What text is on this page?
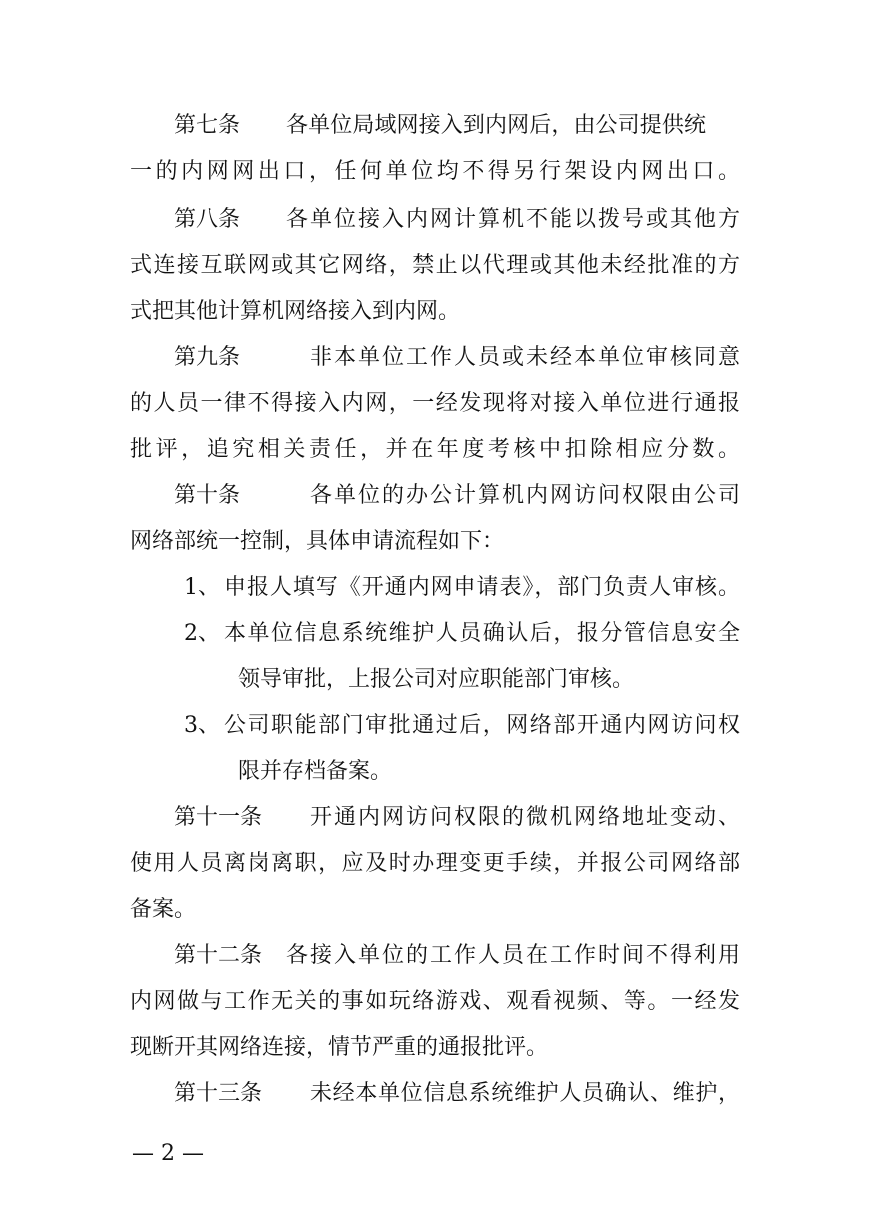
第七条 各单位局域网接入到内网后，由公司提供统
一的内网网出口，任何单位均不得另行架设内网出口。
第八条 各单位接入内网计算机不能以拨号或其他方
式连接互联网或其它网络，禁止以代理或其他未经批准的方
式把其他计算机网络接入到内网。
第九条	非本单位工作人员或未经本单位审核同意
的人员一律不得接入内网，一经发现将对接入单位进行通报
批评，追究相关责任，并在年度考核中扣除相应分数。
第十条	各单位的办公计算机内网访问权限由公司
网络部统一控制，具体申请流程如下：
1、 申报人填写《开通内网申请表》，部门负责人审核。
2、 本单位信息系统维护人员确认后，报分管信息安全
领导审批，上报公司对应职能部门审核。
3、 公司职能部门审批通过后，网络部开通内网访问权
限并存档备案。
第十一条 开通内网访问权限的微机网络地址变动、
使用人员离岗离职，应及时办理变更手续，并报公司网络部
备案。
第十二条 各接入单位的工作人员在工作时间不得利用
内网做与工作无关的事如玩络游戏、观看视频、等。一经发
现断开其网络连接，情节严重的通报批评。
第十三条 未经本单位信息系统维护人员确认、维护，
— 2 —
